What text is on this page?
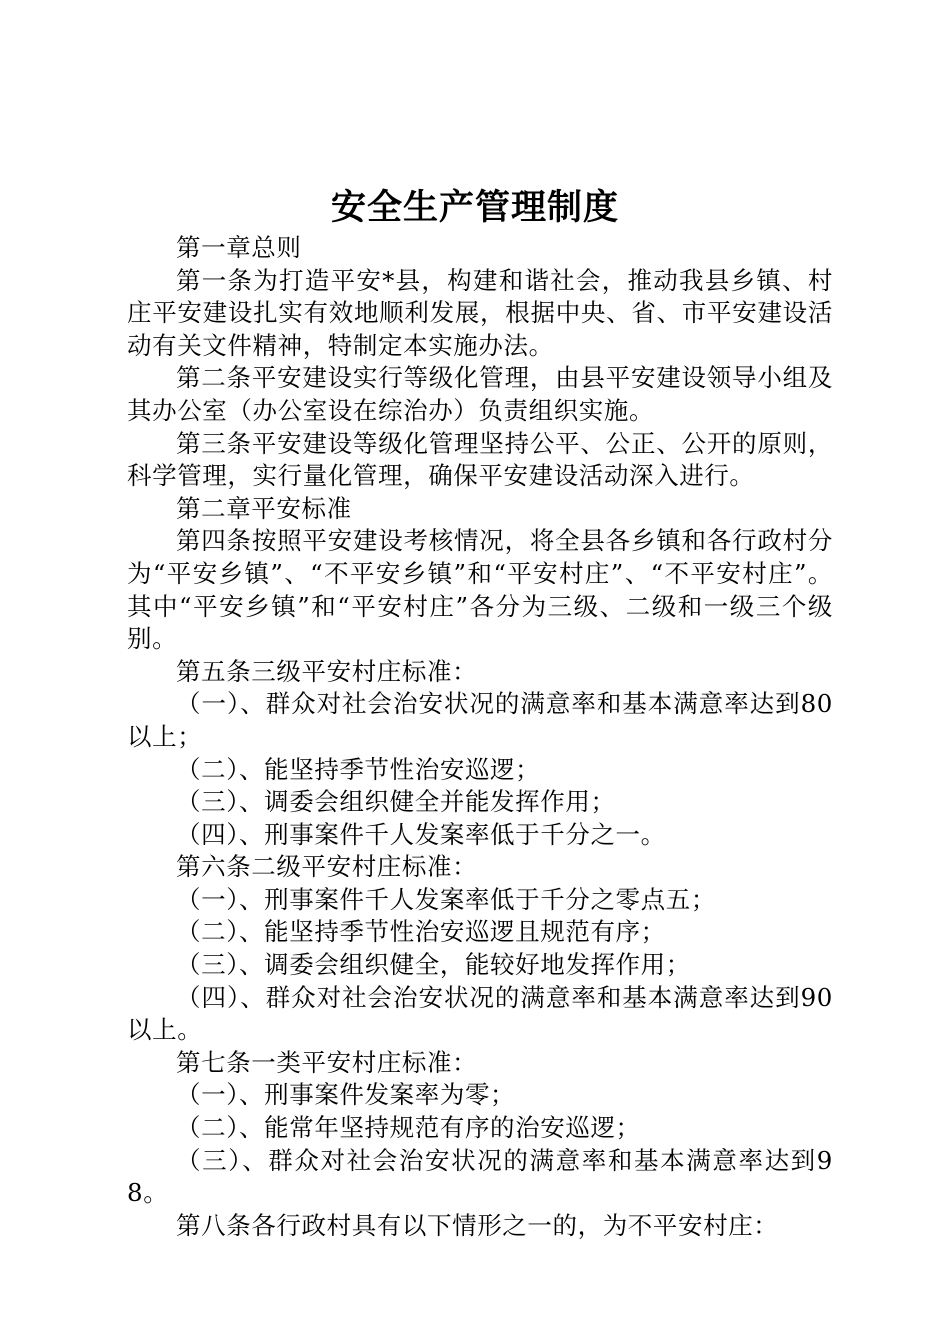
安全生产管理制度

第一章总则

第一条为打造平安*县，构建和谐社会，推动我县乡镇、村庄平安建设扎实有效地顺利发展，根据中央、省、市平安建设活动有关文件精神，特制定本实施办法。

第二条平安建设实行等级化管理，由县平安建设领导小组及其办公室（办公室设在综治办）负责组织实施。

第三条平安建设等级化管理坚持公平、公正、公开的原则，科学管理，实行量化管理，确保平安建设活动深入进行。

第二章平安标准

第四条按照平安建设考核情况，将全县各乡镇和各行政村分为“平安乡镇”、“不平安乡镇”和“平安村庄”、“不平安村庄”。其中“平安乡镇”和“平安村庄”各分为三级、二级和一级三个级别。

第五条三级平安村庄标准：

（一）、群众对社会治安状况的满意率和基本满意率达到80以上；

（二）、能坚持季节性治安巡逻；

（三）、调委会组织健全并能发挥作用；

（四）、刑事案件千人发案率低于千分之一。

第六条二级平安村庄标准：

（一）、刑事案件千人发案率低于千分之零点五；

（二）、能坚持季节性治安巡逻且规范有序；

（三）、调委会组织健全，能较好地发挥作用；

（四）、群众对社会治安状况的满意率和基本满意率达到90以上。

第七条一类平安村庄标准：

（一）、刑事案件发案率为零；

（二）、能常年坚持规范有序的治安巡逻；

（三）、群众对社会治安状况的满意率和基本满意率达到98。

第八条各行政村具有以下情形之一的，为不平安村庄：
